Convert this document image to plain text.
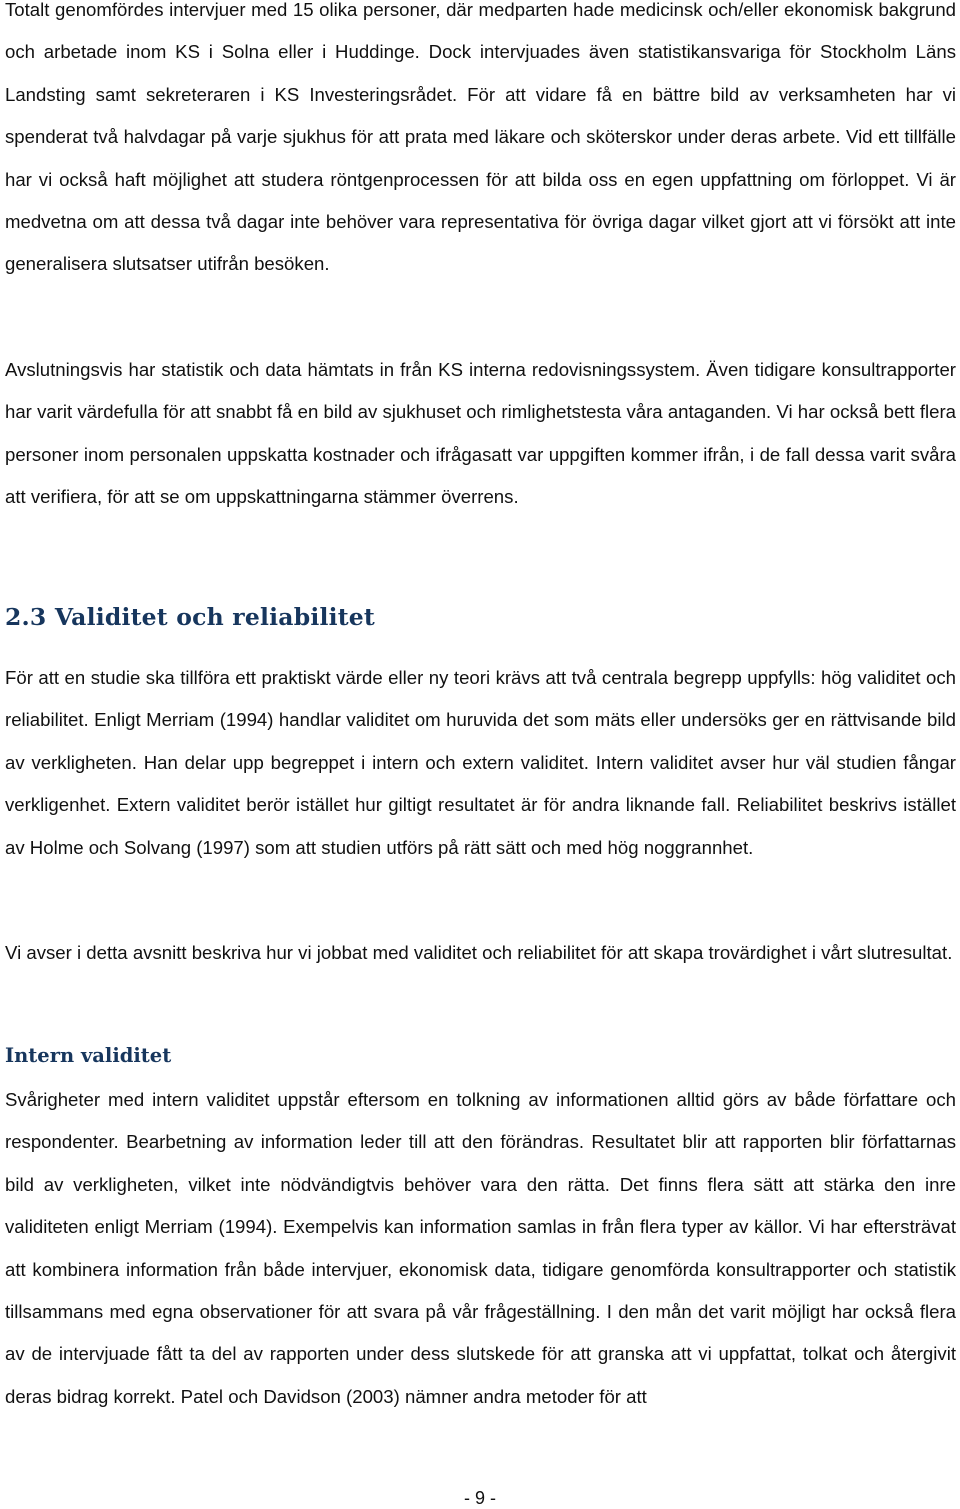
Totalt genomfördes intervjuer med 15 olika personer, där medparten hade medicinsk och/eller ekonomisk bakgrund och arbetade inom KS i Solna eller i Huddinge. Dock intervjuades även statistikansvariga för Stockholm Läns Landsting samt sekreteraren i KS Investeringsrådet. För att vidare få en bättre bild av verksamheten har vi spenderat två halvdagar på varje sjukhus för att prata med läkare och sköterskor under deras arbete. Vid ett tillfälle har vi också haft möjlighet att studera röntgenprocessen för att bilda oss en egen uppfattning om förloppet. Vi är medvetna om att dessa två dagar inte behöver vara representativa för övriga dagar vilket gjort att vi försökt att inte generalisera slutsatser utifrån besöken.

Avslutningsvis har statistik och data hämtats in från KS interna redovisningssystem. Även tidigare konsultrapporter har varit värdefulla för att snabbt få en bild av sjukhuset och rimlighetstesta våra antaganden. Vi har också bett flera personer inom personalen uppskatta kostnader och ifrågasatt var uppgiften kommer ifrån, i de fall dessa varit svåra att verifiera, för att se om uppskattningarna stämmer överrens.

2.3 Validitet och reliabilitet

För att en studie ska tillföra ett praktiskt värde eller ny teori krävs att två centrala begrepp uppfylls: hög validitet och reliabilitet. Enligt Merriam (1994) handlar validitet om huruvida det som mäts eller undersöks ger en rättvisande bild av verkligheten. Han delar upp begreppet i intern och extern validitet. Intern validitet avser hur väl studien fångar verkligenhet. Extern validitet berör istället hur giltigt resultatet är för andra liknande fall. Reliabilitet beskrivs istället av Holme och Solvang (1997) som att studien utförs på rätt sätt och med hög noggrannhet.

Vi avser i detta avsnitt beskriva hur vi jobbat med validitet och reliabilitet för att skapa trovärdighet i vårt slutresultat.

Intern validitet

Svårigheter med intern validitet uppstår eftersom en tolkning av informationen alltid görs av både författare och respondenter. Bearbetning av information leder till att den förändras. Resultatet blir att rapporten blir författarnas bild av verkligheten, vilket inte nödvändigtvis behöver vara den rätta. Det finns flera sätt att stärka den inre validiteten enligt Merriam (1994). Exempelvis kan information samlas in från flera typer av källor. Vi har eftersträvat att kombinera information från både intervjuer, ekonomisk data, tidigare genomförda konsultrapporter och statistik tillsammans med egna observationer för att svara på vår frågeställning. I den mån det varit möjligt har också flera av de intervjuade fått ta del av rapporten under dess slutskede för att granska att vi uppfattat, tolkat och återgivit deras bidrag korrekt. Patel och Davidson (2003) nämner andra metoder för att

- 9 -
